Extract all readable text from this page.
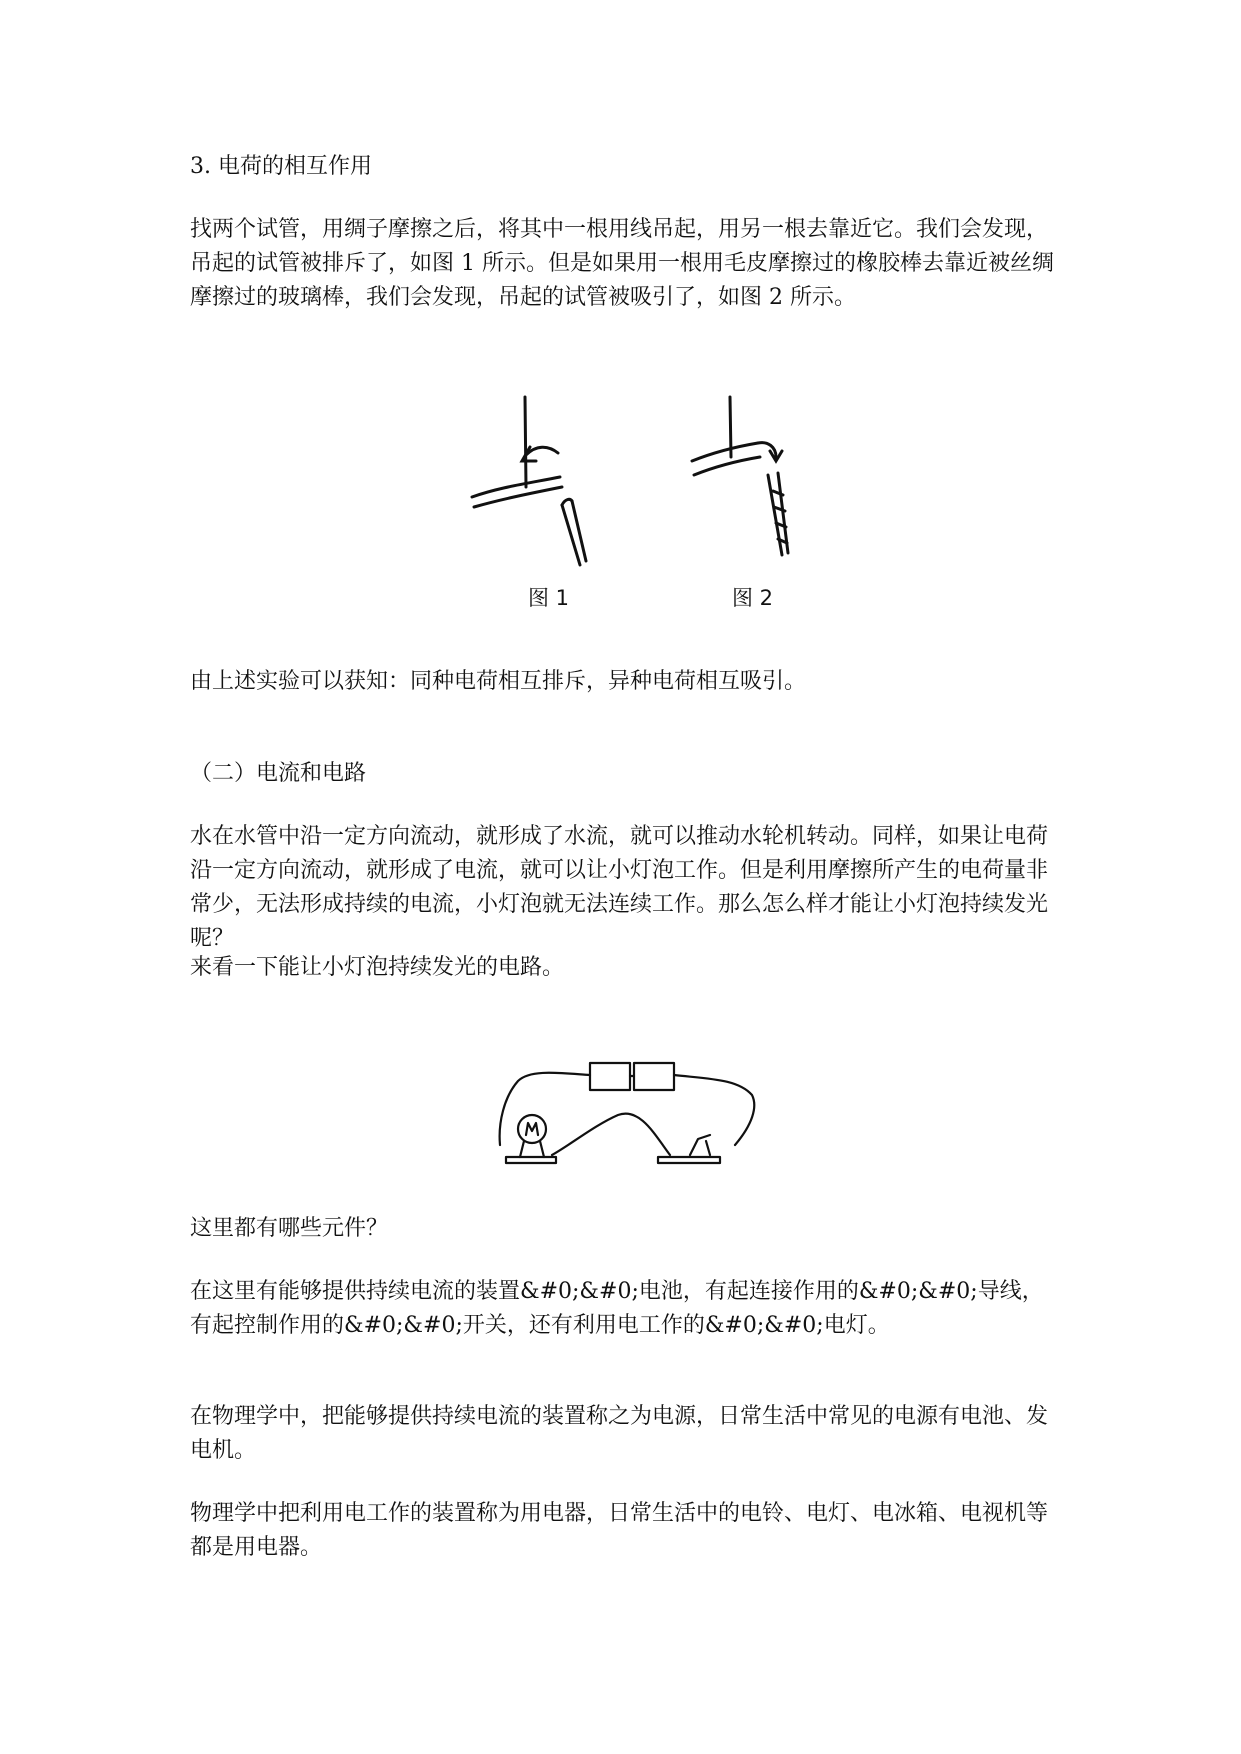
3. 电荷的相互作用

找两个试管，用绸子摩擦之后，将其中一根用线吊起，用另一根去靠近它。我们会发现，吊起的试管被排斥了，如图 1 所示。但是如果用一根用毛皮摩擦过的橡胶棒去靠近被丝绸摩擦过的玻璃棒，我们会发现，吊起的试管被吸引了，如图 2 所示。

图 1	图 2

由上述实验可以获知：同种电荷相互排斥，异种电荷相互吸引。

（二）电流和电路

水在水管中沿一定方向流动，就形成了水流，就可以推动水轮机转动。同样，如果让电荷沿一定方向流动，就形成了电流，就可以让小灯泡工作。但是利用摩擦所产生的电荷量非常少，无法形成持续的电流，小灯泡就无法连续工作。那么怎么样才能让小灯泡持续发光呢？

来看一下能让小灯泡持续发光的电路。

这里都有哪些元件？

在这里有能够提供持续电流的装置&#0;&#0;电池，有起连接作用的&#0;&#0;导线，有起控制作用的&#0;&#0;开关，还有利用电工作的&#0;&#0;电灯。

在物理学中，把能够提供持续电流的装置称之为电源，日常生活中常见的电源有电池、发电机。

物理学中把利用电工作的装置称为用电器，日常生活中的电铃、电灯、电冰箱、电视机等都是用电器。
